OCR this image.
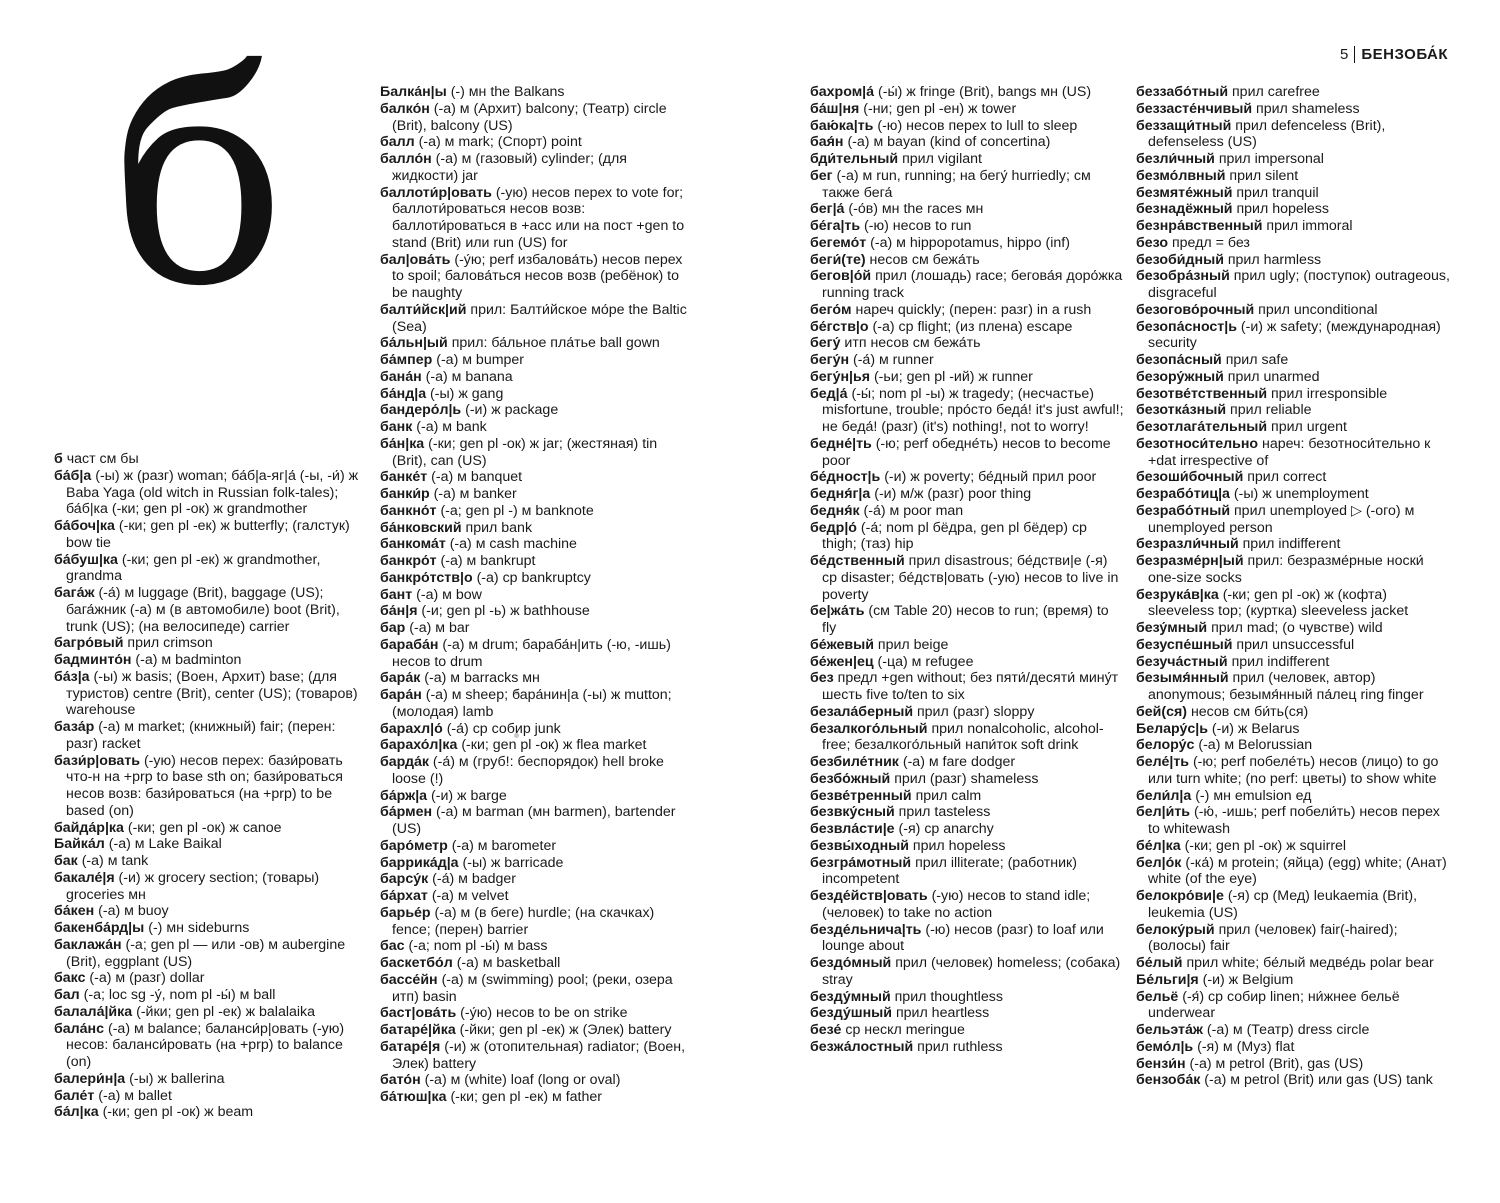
5 БЕНЗОБА́К
б

б част см бы

ба́б|а (-ы) ж (разг) woman; ба́б|а-яг|а́ (-ы, -и́) ж Baba Yaga (old witch in Russian folk-tales); ба́б|ка (-ки; gen pl -ок) ж grandmother

ба́боч|ка (-ки; gen pl -ек) ж butterfly; (галстук) bow tie

ба́буш|ка (-ки; gen pl -ек) ж grandmother, grandma

бага́ж (-а́) м luggage (Brit), baggage (US); бага́жник (-а) м (в автомобиле) boot (Brit), trunk (US); (на велосипеде) carrier

багро́вый прил crimson

бадминто́н (-а) м badminton

ба́з|а (-ы) ж basis; (Воен, Архит) base; (для туристов) centre (Brit), center (US); (товаров) warehouse

база́р (-а) м market; (книжный) fair; (перен: разг) racket

бази́р|овать (-ую) несов перех: бази́ровать что-н на +prp to base sth on; бази́роваться несов возв: бази́роваться (на +prp) to be based (on)

байда́р|ка (-ки; gen pl -ок) ж canoe

Байка́л (-а) м Lake Baikal

бак (-а) м tank

бакале́|я (-и) ж grocery section; (товары) groceries мн

ба́кен (-а) м buoy

бакенба́рд|ы (-) мн sideburns

баклажа́н (-а; gen pl — или -ов) м aubergine (Brit), eggplant (US)

бакс (-а) м (разг) dollar

бал (-а; loc sg -у́, nom pl -ы́) м ball

балала́|йка (-йки; gen pl -ек) ж balalaika

бала́нс (-а) м balance; баланси́р|овать (-ую) несов: баланси́ровать (на +prp) to balance (on)

балери́н|а (-ы) ж ballerina

бале́т (-а) м ballet

ба́л|ка (-ки; gen pl -ок) ж beam

Балка́н|ы (-) мн the Balkans

балко́н (-а) м (Архит) balcony; (Театр) circle (Brit), balcony (US)

балл (-а) м mark; (Спорт) point

балло́н (-а) м (газовый) cylinder; (для жидкости) jar

баллоти́р|овать (-ую) несов перех to vote for; баллоти́роваться несов возв: баллоти́роваться в +acc или на пост +gen to stand (Brit) или run (US) for

бал|ова́ть (-у́ю; perf избалова́ть) несов перех to spoil; балова́ться несов возв (ребёнок) to be naughty

балти́йск|ий прил: Балти́йское мо́ре the Baltic (Sea)

ба́льн|ый прил: ба́льное пла́тье ball gown

ба́мпер (-а) м bumper

бана́н (-а) м banana

ба́нд|а (-ы) ж gang

бандеро́л|ь (-и) ж package

банк (-а) м bank

ба́н|ка (-ки; gen pl -ок) ж jar; (жестяная) tin (Brit), can (US)

банке́т (-а) м banquet

банки́р (-а) м banker

банкно́т (-а; gen pl -) м banknote

ба́нковский прил bank

банкома́т (-а) м cash machine

банкро́т (-а) м bankrupt

банкро́тств|о (-а) ср bankruptcy

бант (-а) м bow

ба́н|я (-и; gen pl -ь) ж bathhouse

бар (-а) м bar

бараба́н (-а) м drum; бараба́н|ить (-ю, -ишь) несов to drum

бара́к (-а) м barracks мн

бара́н (-а) м sheep; бара́нин|а (-ы) ж mutton; (молодая) lamb

барахл|о́ (-а́) ср собир junk

барахо́л|ка (-ки; gen pl -ок) ж flea market

барда́к (-а́) м (груб!: беспорядок) hell broke loose (!)

ба́рж|а (-и) ж barge

ба́рмен (-а) м barman (мн barmen), bartender (US)

баро́метр (-а) м barometer

баррика́д|а (-ы) ж barricade

барсу́к (-а́) м badger

ба́рхат (-а) м velvet

барье́р (-а) м (в беге) hurdle; (на скачках) fence; (перен) barrier

бас (-а; nom pl -ы́) м bass

баскетбо́л (-а) м basketball

бассе́йн (-а) м (swimming) pool; (реки, озера итп) basin

баст|ова́ть (-у́ю) несов to be on strike

батаре́|йка (-йки; gen pl -ек) ж (Элек) battery

батаре́|я (-и) ж (отопительная) radiator; (Воен, Элек) battery

бато́н (-а) м (white) loaf (long or oval)

ба́тюш|ка (-ки; gen pl -ек) м father

бахром|а́ (-ы́) ж fringe (Brit), bangs мн (US)

ба́ш|ня (-ни; gen pl -ен) ж tower

баю́ка|ть (-ю) несов перех to lull to sleep

бая́н (-а) м bayan (kind of concertina)

бди́тельный прил vigilant

бег (-а) м run, running; на бегу́ hurriedly; см также бега́

бег|а́ (-о́в) мн the races мн

бе́га|ть (-ю) несов to run

бегемо́т (-а) м hippopotamus, hippo (inf)

беги́(те) несов см бежа́ть

бегов|о́й прил (лошадь) race; бегова́я доро́жка running track

бего́м нареч quickly; (перен: разг) in a rush

бе́гств|о (-а) ср flight; (из плена) escape

бегу́ итп несов см бежа́ть

бегу́н (-а́) м runner

бегу́н|ья (-ьи; gen pl -ий) ж runner

бед|а́ (-ы́; nom pl -ы) ж tragedy; (несчастье) misfortune, trouble; про́сто беда́! it's just awful!; не беда́! (разг) (it's) nothing!, not to worry!

бедне́|ть (-ю; perf обедне́ть) несов to become poor

бе́дност|ь (-и) ж poverty; бе́дный прил poor

бедня́г|а (-и) м/ж (разг) poor thing

бедня́к (-а́) м poor man

бедр|о́ (-а́; nom pl бёдра, gen pl бёдер) ср thigh; (таз) hip

бе́дственный прил disastrous; бе́дстви|е (-я) ср disaster; бе́дств|овать (-ую) несов to live in poverty

бе|жа́ть (см Table 20) несов to run; (время) to fly

бе́жевый прил beige

бе́жен|ец (-ца) м refugee

без предл +gen without; без пяти́/десяти́ мину́т шесть five to/ten to six

безала́берный прил (разг) sloppy

безалкого́льный прил nonalcoholic, alcohol-free; безалкого́льный напи́ток soft drink

безбиле́тник (-а) м fare dodger

безбо́жный прил (разг) shameless

безве́тренный прил calm

безвку́сный прил tasteless

безвла́сти|е (-я) ср anarchy

безвы́ходный прил hopeless

безгра́мотный прил illiterate; (работник) incompetent

безде́йств|овать (-ую) несов to stand idle; (человек) to take no action

безде́льнича|ть (-ю) несов (разг) to loaf или lounge about

бездо́мный прил (человек) homeless; (собака) stray

безду́мный прил thoughtless

безду́шный прил heartless

безе́ ср нескл meringue

безжа́лостный прил ruthless

беззабо́тный прил carefree

беззасте́нчивый прил shameless

беззащи́тный прил defenceless (Brit), defenseless (US)

безли́чный прил impersonal

безмо́лвный прил silent

безмяте́жный прил tranquil

безнадёжный прил hopeless

безнра́вственный прил immoral

безо предл = без

безоби́дный прил harmless

безобра́зный прил ugly; (поступок) outrageous, disgraceful

безогово́рочный прил unconditional

безопа́сност|ь (-и) ж safety; (международная) security

безопа́сный прил safe

безору́жный прил unarmed

безотве́тственный прил irresponsible

безотка́зный прил reliable

безотлага́тельный прил urgent

безотноси́тельно нареч: безотноси́тельно к +dat irrespective of

безоши́бочный прил correct

безрабо́тиц|а (-ы) ж unemployment

безрабо́тный прил unemployed ▷ (-ого) м unemployed person

безразли́чный прил indifferent

безразме́рн|ый прил: безразме́рные носки́ one-size socks

безрука́в|ка (-ки; gen pl -ок) ж (кофта) sleeveless top; (куртка) sleeveless jacket

безу́мный прил mad; (о чувстве) wild

безуспе́шный прил unsuccessful

безуча́стный прил indifferent

безымя́нный прил (человек, автор) anonymous; безымя́нный па́лец ring finger

бей(ся) несов см би́ть(ся)

Белару́с|ь (-и) ж Belarus

белору́с (-а) м Belorussian

беле́|ть (-ю; perf побеле́ть) несов (лицо) to go или turn white; (no perf: цветы) to show white

бели́л|а (-) мн emulsion ед

бел|и́ть (-ю́, -ишь; perf побели́ть) несов перех to whitewash

бе́л|ка (-ки; gen pl -ок) ж squirrel

бел|о́к (-ка́) м protein; (яйца) (egg) white; (Анат) white (of the eye)

белокро́ви|е (-я) ср (Мед) leukaemia (Brit), leukemia (US)

белоку́рый прил (человек) fair(-haired); (волосы) fair

бе́лый прил white; бе́лый медве́дь polar bear

Бе́льги|я (-и) ж Belgium

бельё (-я́) ср собир linen; ни́жнее бельё underwear

бельэта́ж (-а) м (Театр) dress circle

бемо́л|ь (-я) м (Муз) flat

бензи́н (-а) м petrol (Brit), gas (US)

бензоба́к (-а) м petrol (Brit) или gas (US) tank
